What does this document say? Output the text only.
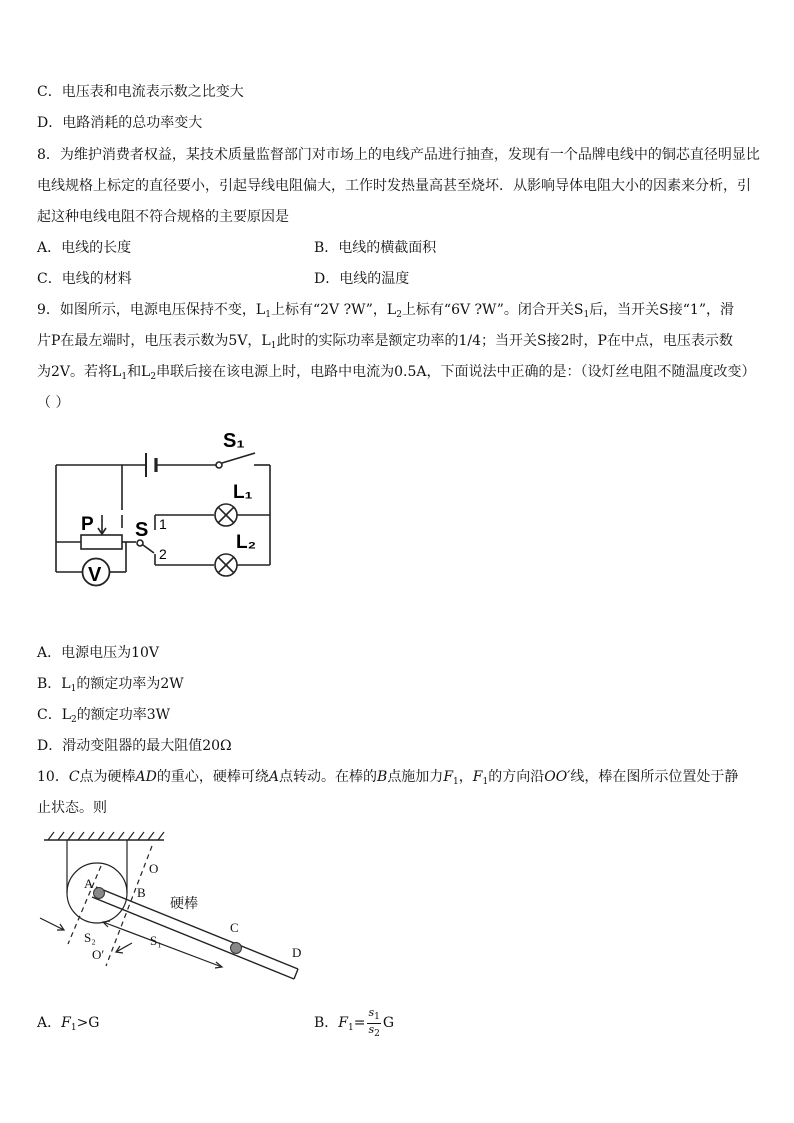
C．电压表和电流表示数之比变大
D．电路消耗的总功率变大
8．为维护消费者权益，某技术质量监督部门对市场上的电线产品进行抽查，发现有一个品牌电线中的铜芯直径明显比
电线规格上标定的直径要小，引起导线电阻偏大，工作时发热量高甚至烧坏．从影响导体电阻大小的因素来分析，引
起这种电线电阻不符合规格的主要原因是
A．电线的长度	B．电线的横截面积
C．电线的材料	D．电线的温度
9．如图所示，电源电压保持不变，$L_1$上标有“2V ?W”，$L_2$上标有“6V ?W”。闭合开关$S_1$后，当开关S接“1”，滑
片P在最左端时，电压表示数为5V，$L_1$此时的实际功率是额定功率的1/4；当开关S接2时，P在中点，电压表示数
为2V。若将$L_1$和$L_2$串联后接在该电源上时，电路中电流为0.5A，下面说法中正确的是：（设灯丝电阻不随温度改变）
（ ）
S₁
L₁
L₂
P S 1
2
V
A．电源电压为10V
B．$L_1$的额定功率为2W
C．$L_2$的额定功率3W
D．滑动变阻器的最大阻值20Ω
10．C点为硬棒AD的重心，硬棒可绕A点转动。在棒的B点施加力$F_1$，$F_1$的方向沿OO′线，棒在图所示位置处于静
止状态。则
O
A
B
硬棒
C
D
S₂	S₁
O′
A．$F_1>G$	B．$F_1= \frac{s_1}{s_2}$ G
